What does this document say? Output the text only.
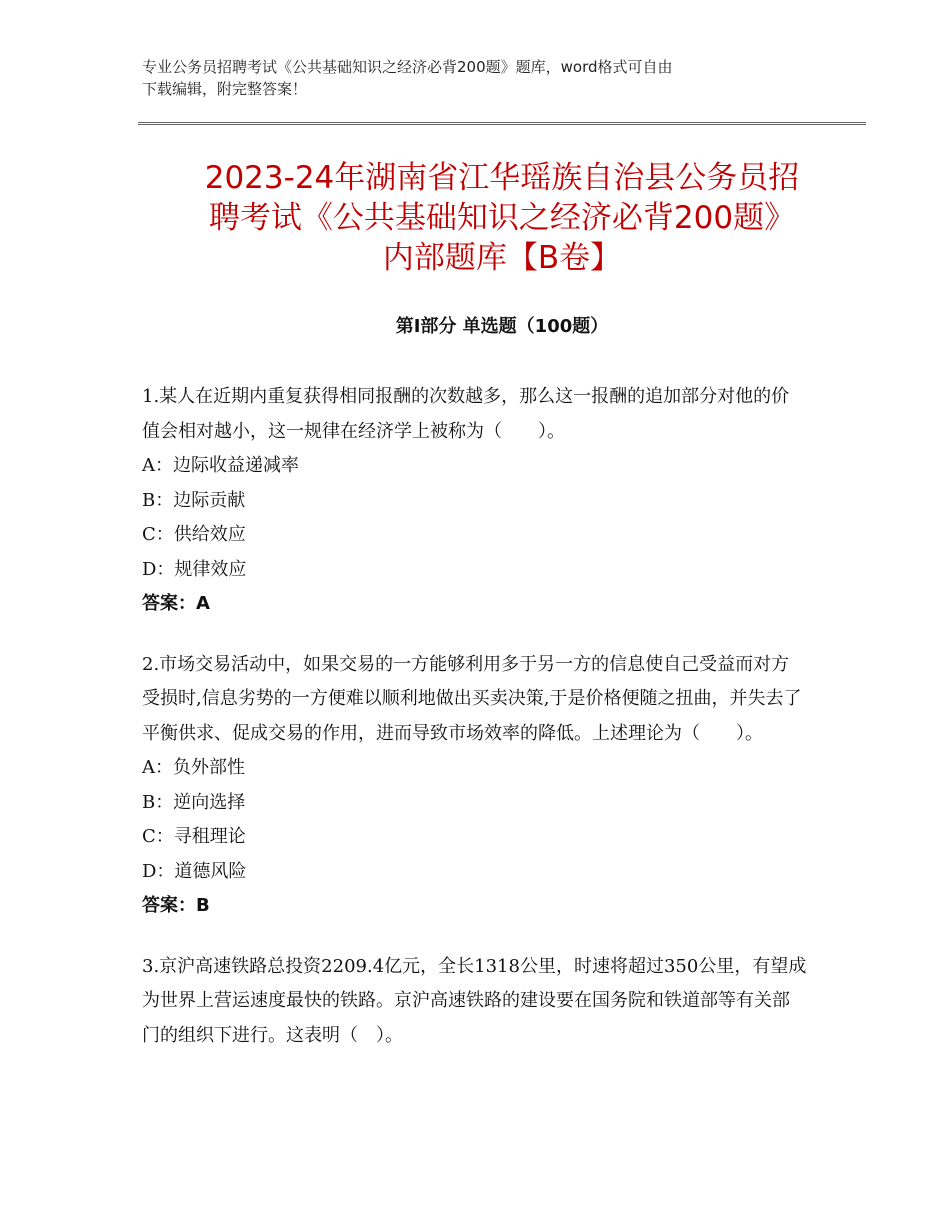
专业公务员招聘考试《公共基础知识之经济必背200题》题库，word格式可自由
下载编辑，附完整答案！
2023-24年湖南省江华瑶族自治县公务员招
聘考试《公共基础知识之经济必背200题》
内部题库【B卷】
第Ⅰ部分 单选题（100题）

1.某人在近期内重复获得相同报酬的次数越多，那么这一报酬的追加部分对他的价值会相对越小，这一规律在经济学上被称为（　　）。

A：边际收益递减率

B：边际贡献

C：供给效应

D：规律效应

答案：A

2.市场交易活动中，如果交易的一方能够利用多于另一方的信息使自己受益而对方受损时,信息劣势的一方便难以顺利地做出买卖决策,于是价格便随之扭曲，并失去了平衡供求、促成交易的作用，进而导致市场效率的降低。上述理论为（　　）。

A：负外部性

B：逆向选择

C：寻租理论

D：道德风险

答案：B

3.京沪高速铁路总投资2209.4亿元，全长1318公里，时速将超过350公里，有望成为世界上营运速度最快的铁路。京沪高速铁路的建设要在国务院和铁道部等有关部门的组织下进行。这表明（　）。
